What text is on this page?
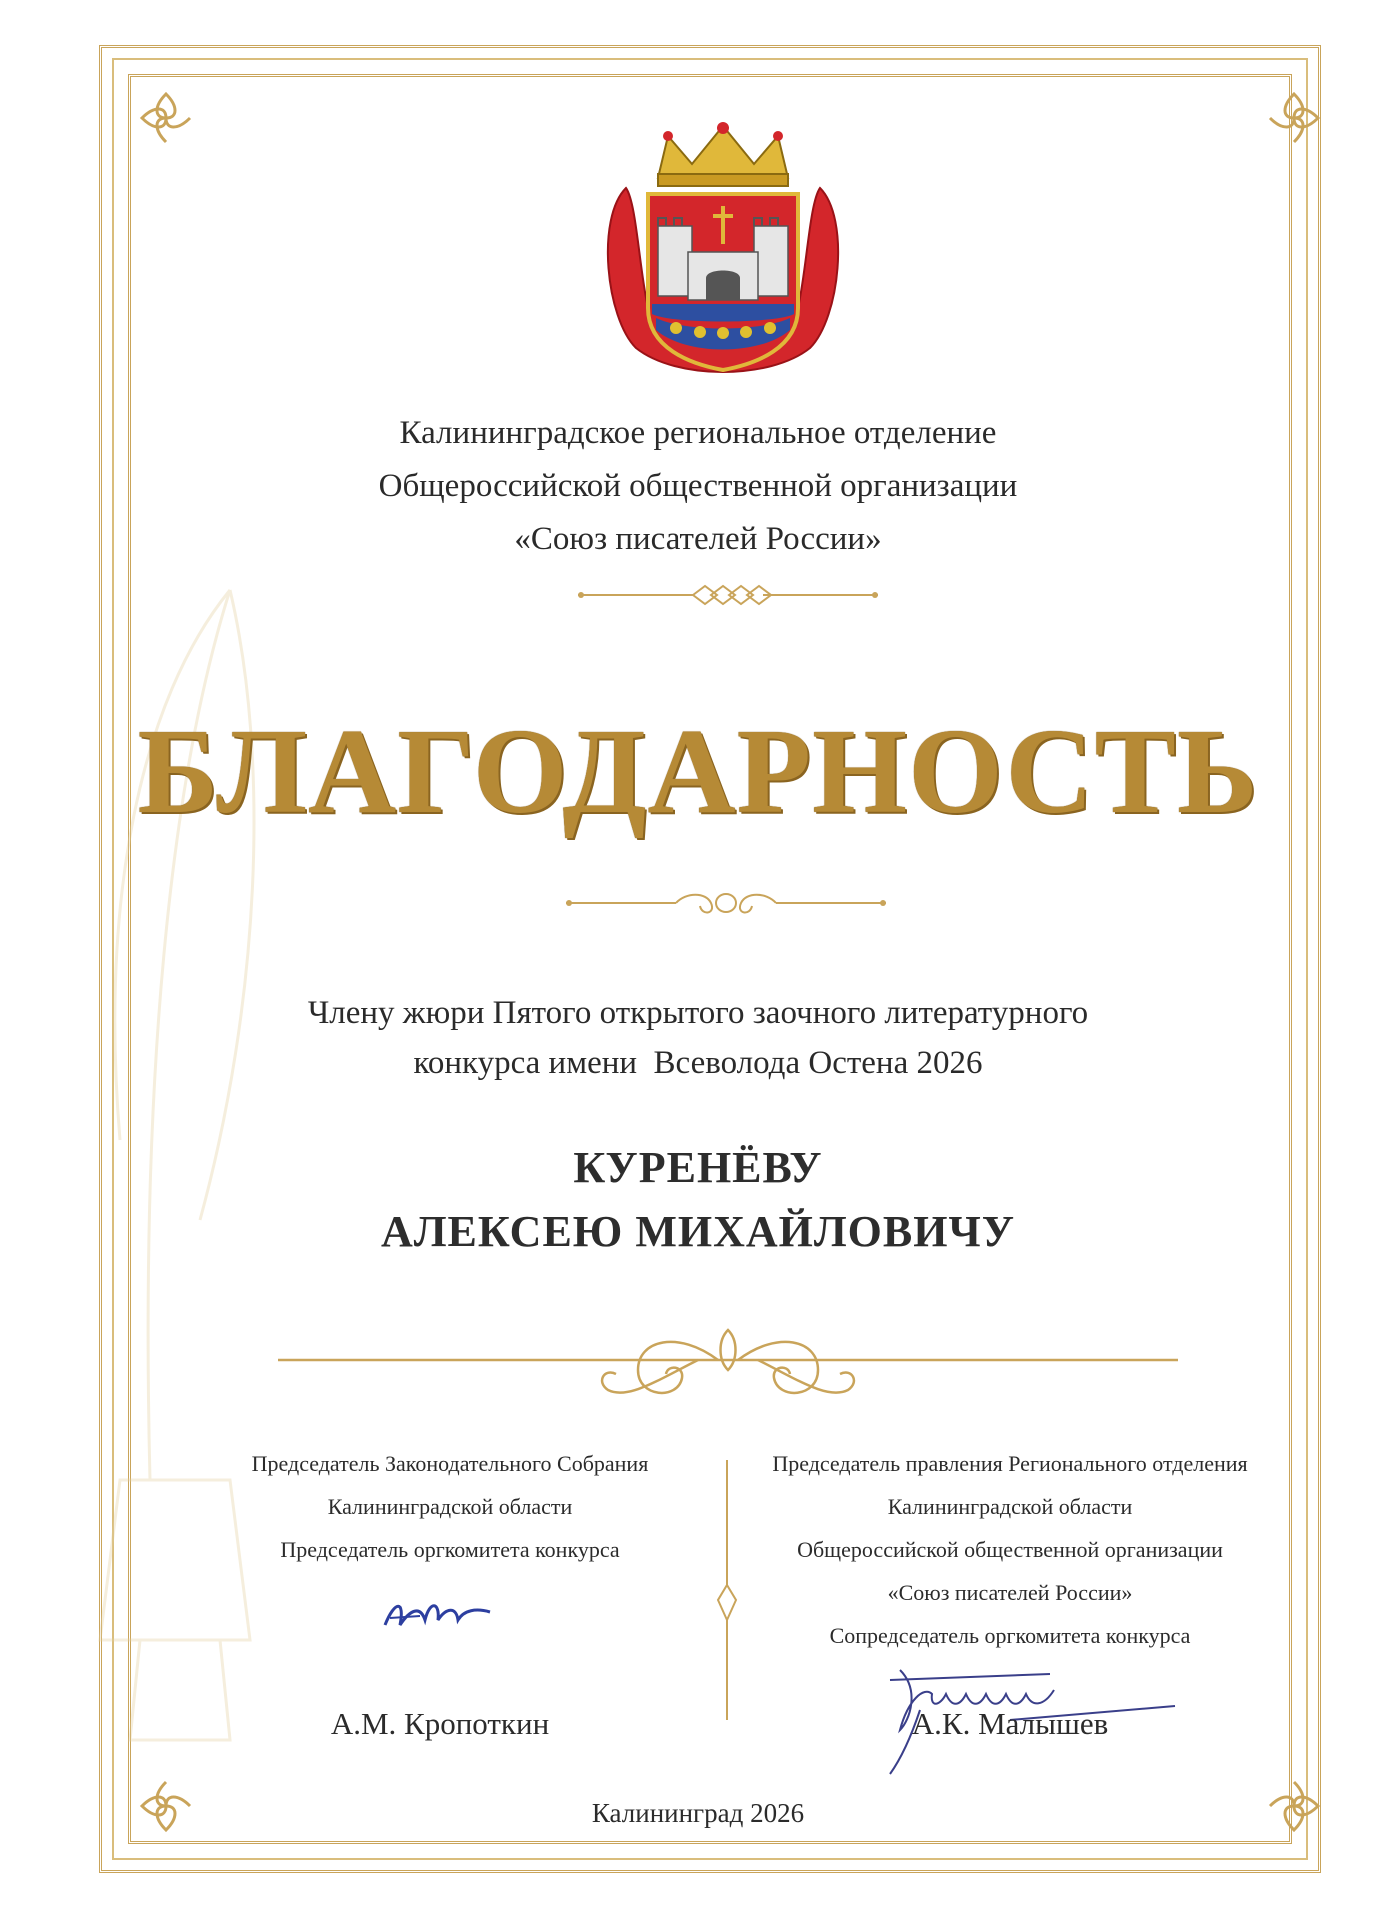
Калининградское региональное отделение
Общероссийской общественной организации
«Союз писателей России»
БЛАГОДАРНОСТЬ
Члену жюри Пятого открытого заочного литературного
конкурса имени  Всеволода Остена 2026
КУРЕНЁВУ
АЛЕКСЕЮ МИХАЙЛОВИЧУ
Председатель Законодательного Собрания
Калининградской области
Председатель оргкомитета конкурса
А.М. Кропоткин
Председатель правления Регионального отделения
Калининградской области
Общероссийской общественной организации
«Союз писателей России»
Сопредседатель оргкомитета конкурса
А.К. Малышев
Калининград 2026
